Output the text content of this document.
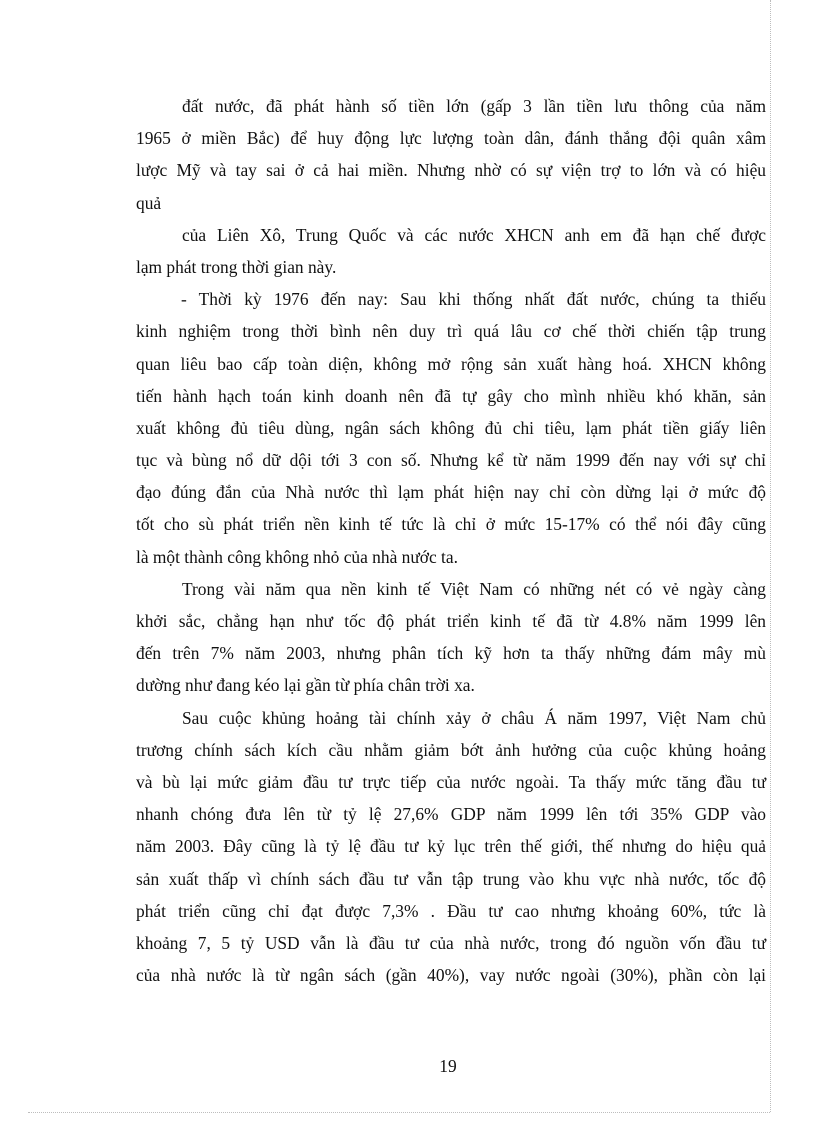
đất nước, đã phát hành số tiền lớn (gấp 3 lần tiền lưu thông của năm
1965 ở miền Bắc) để huy động lực lượng toàn dân, đánh thắng đội quân xâm
lược Mỹ và tay sai ở cả hai miền. Nhưng nhờ có sự viện trợ to lớn và có hiệu
quả
của Liên Xô, Trung Quốc và các nước XHCN anh em đã hạn chế được
lạm phát trong thời gian này.
- Thời kỳ 1976 đến nay: Sau khi thống nhất đất nước, chúng ta thiếu
kinh nghiệm trong thời bình nên duy trì quá lâu cơ chế thời chiến tập trung
quan liêu bao cấp toàn diện, không mở rộng sản xuất hàng hoá. XHCN không
tiến hành hạch toán kinh doanh nên đã tự gây cho mình nhiều khó khăn, sản
xuất không đủ tiêu dùng, ngân sách không đủ chi tiêu, lạm phát tiền giấy liên
tục và bùng nổ dữ dội tới 3 con số. Nhưng kể từ năm 1999 đến nay với sự chỉ
đạo đúng đắn của Nhà nước thì lạm phát hiện nay chỉ còn dừng lại ở mức độ
tốt cho sù phát triển nền kinh tế tức là chỉ ở mức 15-17% có thể nói đây cũng
là một thành công không nhỏ của nhà nước ta.
Trong vài năm qua nền kinh tế Việt Nam có những nét có vẻ ngày càng
khởi sắc, chẳng hạn như tốc độ phát triển kinh tế đã từ 4.8% năm 1999 lên
đến trên 7% năm 2003, nhưng phân tích kỹ hơn ta thấy những đám mây mù
dường như đang kéo lại gần từ phía chân trời xa.
Sau cuộc khủng hoảng tài chính xảy ở châu Á năm 1997, Việt Nam chủ
trương chính sách kích cầu nhằm giảm bớt ảnh hưởng của cuộc khủng hoảng
và bù lại mức giảm đầu tư trực tiếp của nước ngoài. Ta thấy mức tăng đầu tư
nhanh chóng đưa lên từ tỷ lệ 27,6% GDP năm 1999 lên tới 35% GDP vào
năm 2003. Đây cũng là tỷ lệ đầu tư kỷ lục trên thế giới, thế nhưng do hiệu quả
sản xuất thấp vì chính sách đầu tư vẫn tập trung vào khu vực nhà nước, tốc độ
phát triển cũng chỉ đạt được 7,3% . Đầu tư cao nhưng khoảng 60%, tức là
khoảng 7, 5 tỷ USD vẫn là đầu tư của nhà nước, trong đó nguồn vốn đầu tư
của nhà nước là từ ngân sách (gần 40%), vay nước ngoài (30%), phần còn lại
19
